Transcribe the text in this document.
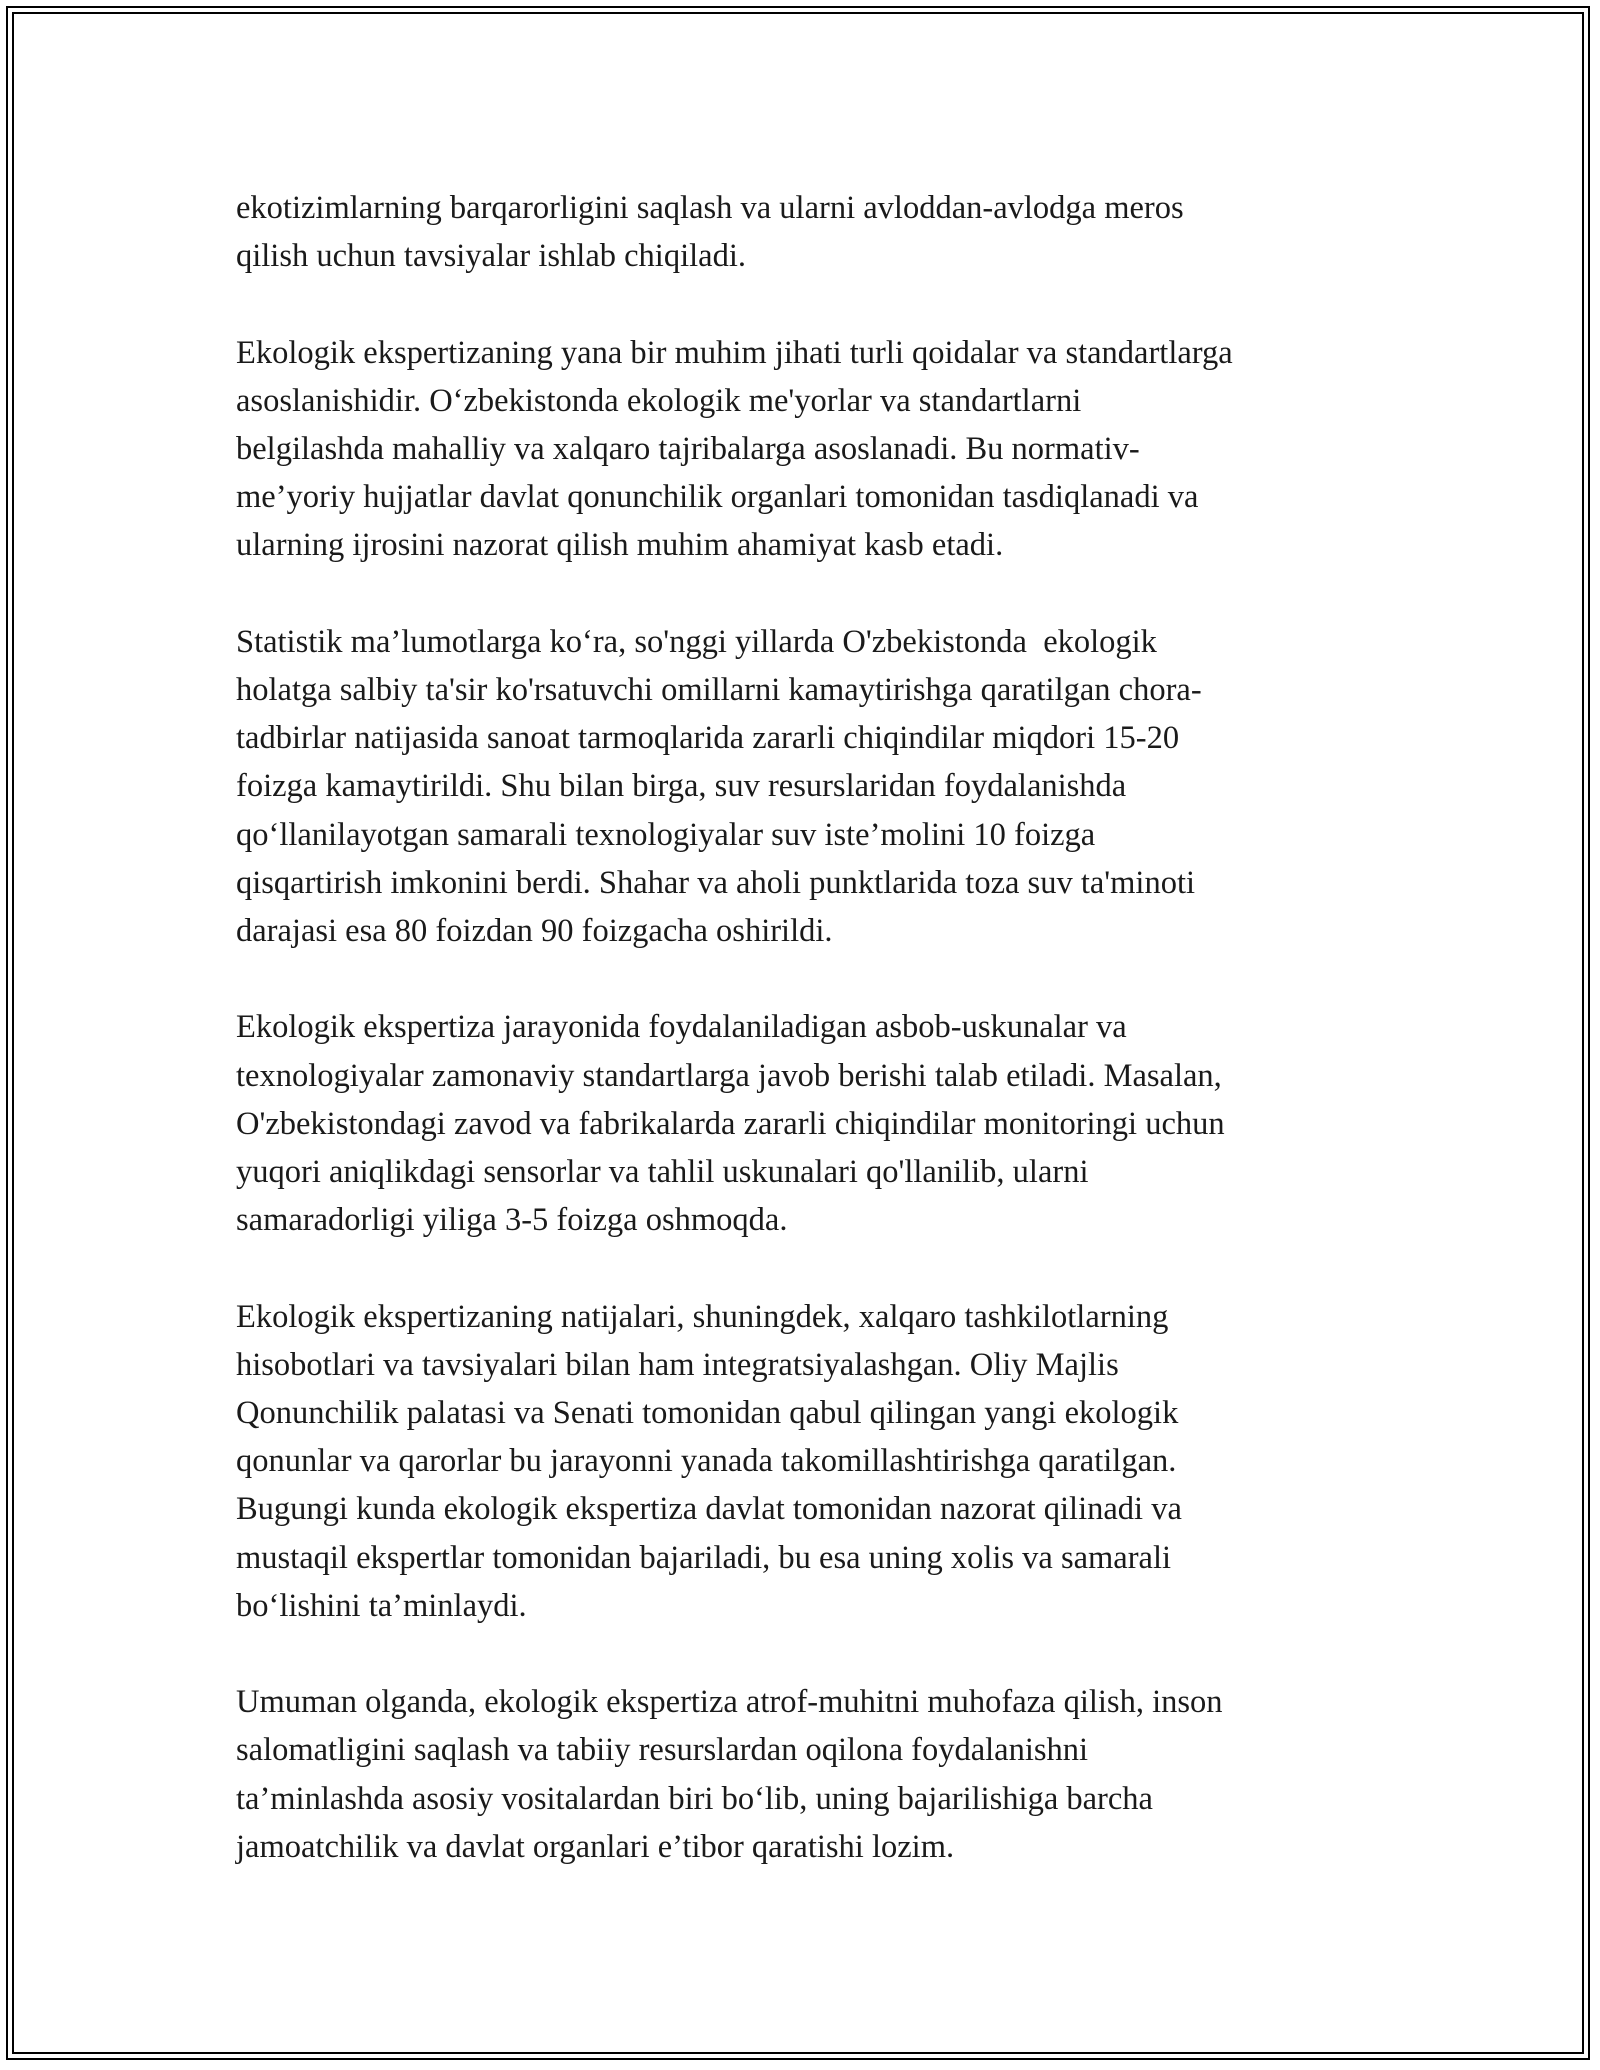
ekotizimlarning barqarorligini saqlash va ularni avloddan-avlodga meros
qilish uchun tavsiyalar ishlab chiqiladi.

Ekologik ekspertizaning yana bir muhim jihati turli qoidalar va standartlarga
asoslanishidir. O‘zbekistonda ekologik me'yorlar va standartlarni
belgilashda mahalliy va xalqaro tajribalarga asoslanadi. Bu normativ-
me’yoriy hujjatlar davlat qonunchilik organlari tomonidan tasdiqlanadi va
ularning ijrosini nazorat qilish muhim ahamiyat kasb etadi.

Statistik ma’lumotlarga ko‘ra, so'nggi yillarda O'zbekistonda  ekologik
holatga salbiy ta'sir ko'rsatuvchi omillarni kamaytirishga qaratilgan chora-
tadbirlar natijasida sanoat tarmoqlarida zararli chiqindilar miqdori 15-20
foizga kamaytirildi. Shu bilan birga, suv resurslaridan foydalanishda
qo‘llanilayotgan samarali texnologiyalar suv iste’molini 10 foizga
qisqartirish imkonini berdi. Shahar va aholi punktlarida toza suv ta'minoti
darajasi esa 80 foizdan 90 foizgacha oshirildi.

Ekologik ekspertiza jarayonida foydalaniladigan asbob-uskunalar va
texnologiyalar zamonaviy standartlarga javob berishi talab etiladi. Masalan,
O'zbekistondagi zavod va fabrikalarda zararli chiqindilar monitoringi uchun
yuqori aniqlikdagi sensorlar va tahlil uskunalari qo'llanilib, ularni
samaradorligi yiliga 3-5 foizga oshmoqda.

Ekologik ekspertizaning natijalari, shuningdek, xalqaro tashkilotlarning
hisobotlari va tavsiyalari bilan ham integratsiyalashgan. Oliy Majlis
Qonunchilik palatasi va Senati tomonidan qabul qilingan yangi ekologik
qonunlar va qarorlar bu jarayonni yanada takomillashtirishga qaratilgan.
Bugungi kunda ekologik ekspertiza davlat tomonidan nazorat qilinadi va
mustaqil ekspertlar tomonidan bajariladi, bu esa uning xolis va samarali
bo‘lishini ta’minlaydi.

Umuman olganda, ekologik ekspertiza atrof-muhitni muhofaza qilish, inson
salomatligini saqlash va tabiiy resurslardan oqilona foydalanishni
ta’minlashda asosiy vositalardan biri bo‘lib, uning bajarilishiga barcha
jamoatchilik va davlat organlari e’tibor qaratishi lozim.
